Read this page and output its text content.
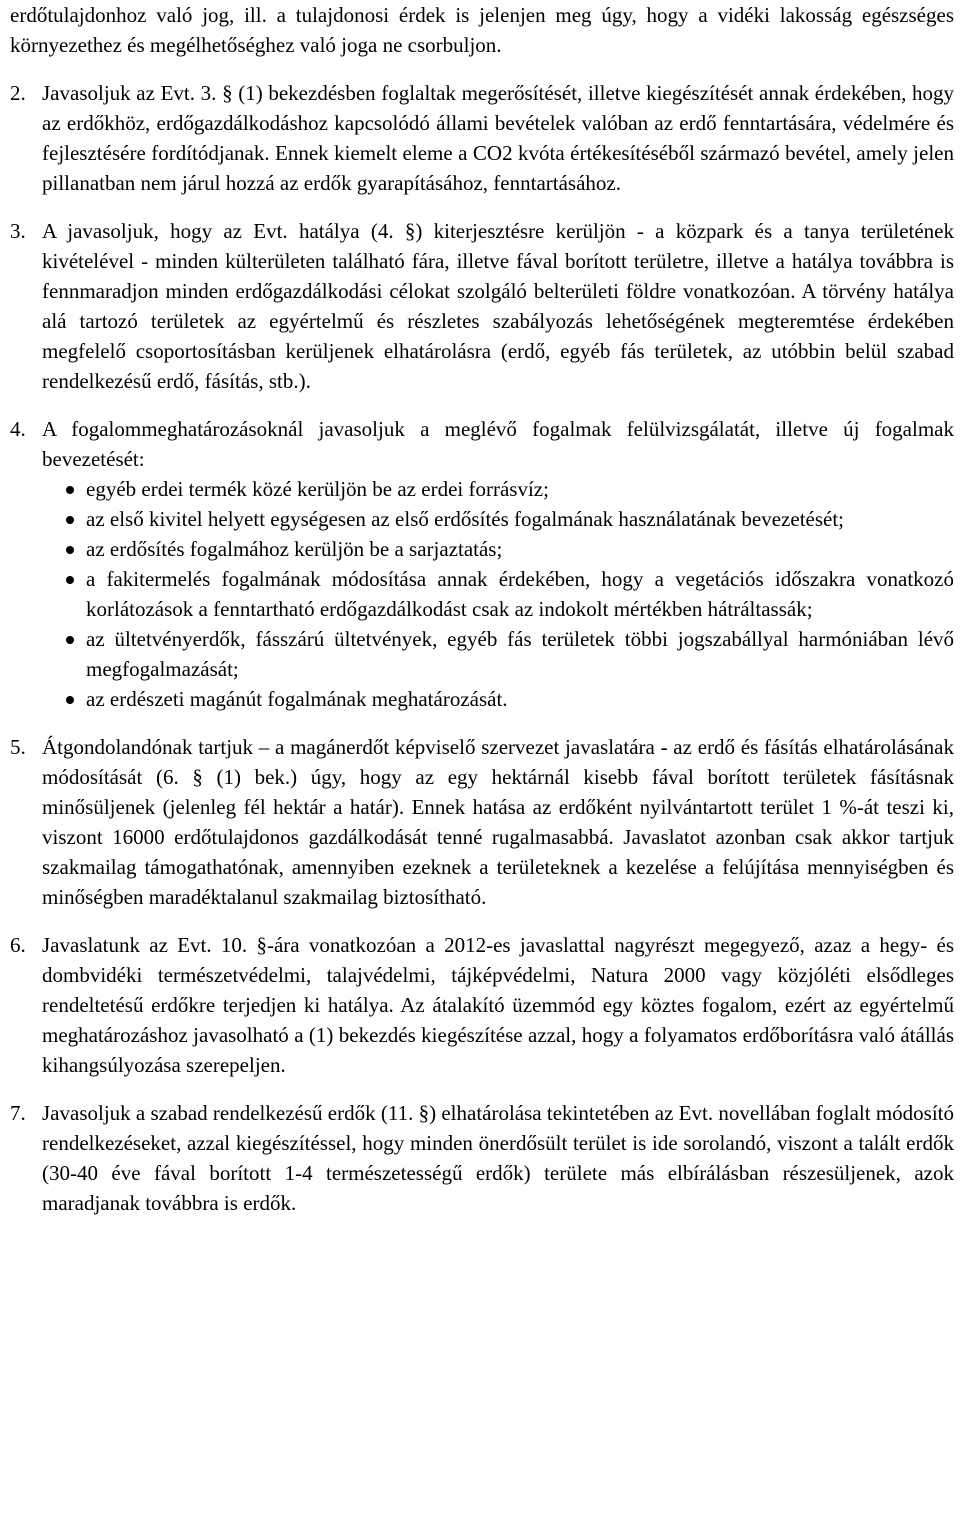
erdőtulajdonhoz való jog, ill. a tulajdonosi érdek is jelenjen meg úgy, hogy a vidéki lakosság egészséges környezethez és megélhetőséghez való joga ne csorbuljon.

2. Javasoljuk az Evt. 3. § (1) bekezdésben foglaltak megerősítését, illetve kiegészítését annak érdekében, hogy az erdőkhöz, erdőgazdálkodáshoz kapcsolódó állami bevételek valóban az erdő fenntartására, védelmére és fejlesztésére fordítódjanak. Ennek kiemelt eleme a CO2 kvóta értékesítéséből származó bevétel, amely jelen pillanatban nem járul hozzá az erdők gyarapításához, fenntartásához.
3. A javasoljuk, hogy az Evt. hatálya (4. §) kiterjesztésre kerüljön - a közpark és a tanya területének kivételével - minden külterületen található fára, illetve fával borított területre, illetve a hatálya továbbra is fennmaradjon minden erdőgazdálkodási célokat szolgáló belterületi földre vonatkozóan. A törvény hatálya alá tartozó területek az egyértelmű és részletes szabályozás lehetőségének megteremtése érdekében megfelelő csoportosításban kerüljenek elhatárolásra (erdő, egyéb fás területek, az utóbbin belül szabad rendelkezésű erdő, fásítás, stb.).
4. A fogalommeghatározásoknál javasoljuk a meglévő fogalmak felülvizsgálatát, illetve új fogalmak bevezetését:
egyéb erdei termék közé kerüljön be az erdei forrásvíz;
az első kivitel helyett egységesen az első erdősítés fogalmának használatának bevezetését;
az erdősítés fogalmához kerüljön be a sarjaztatás;
a fakitermelés fogalmának módosítása annak érdekében, hogy a vegetációs időszakra vonatkozó korlátozások a fenntartható erdőgazdálkodást csak az indokolt mértékben hátráltassák;
az ültetvényerdők, fásszárú ültetvények, egyéb fás területek többi jogszabállyal harmóniában lévő megfogalmazását;
az erdészeti magánút fogalmának meghatározását.
5. Átgondolandónak tartjuk – a magánerdőt képviselő szervezet javaslatára - az erdő és fásítás elhatárolásának módosítását (6. § (1) bek.) úgy, hogy az egy hektárnál kisebb fával borított területek fásításnak minősüljenek (jelenleg fél hektár a határ). Ennek hatása az erdőként nyilvántartott terület 1 %-át teszi ki, viszont 16000 erdőtulajdonos gazdálkodását tenné rugalmasabbá. Javaslatot azonban csak akkor tartjuk szakmailag támogathatónak, amennyiben ezeknek a területeknek a kezelése a felújítása mennyiségben és minőségben maradéktalanul szakmailag biztosítható.
6. Javaslatunk az Evt. 10. §-ára vonatkozóan a 2012-es javaslattal nagyrészt megegyező, azaz a hegy- és dombvidéki természetvédelmi, talajvédelmi, tájképvédelmi, Natura 2000 vagy közjóléti elsődleges rendeltetésű erdőkre terjedjen ki hatálya. Az átalakító üzemmód egy köztes fogalom, ezért az egyértelmű meghatározáshoz javasolható a (1) bekezdés kiegészítése azzal, hogy a folyamatos erdőborításra való átállás kihangsúlyozása szerepeljen.
7. Javasoljuk a szabad rendelkezésű erdők (11. §) elhatárolása tekintetében az Evt. novellában foglalt módosító rendelkezéseket, azzal kiegészítéssel, hogy minden önerdősült terület is ide sorolandó, viszont a talált erdők (30-40 éve fával borított 1-4 természetességű erdők) területe más elbírálásban részesüljenek, azok maradjanak továbbra is erdők.
